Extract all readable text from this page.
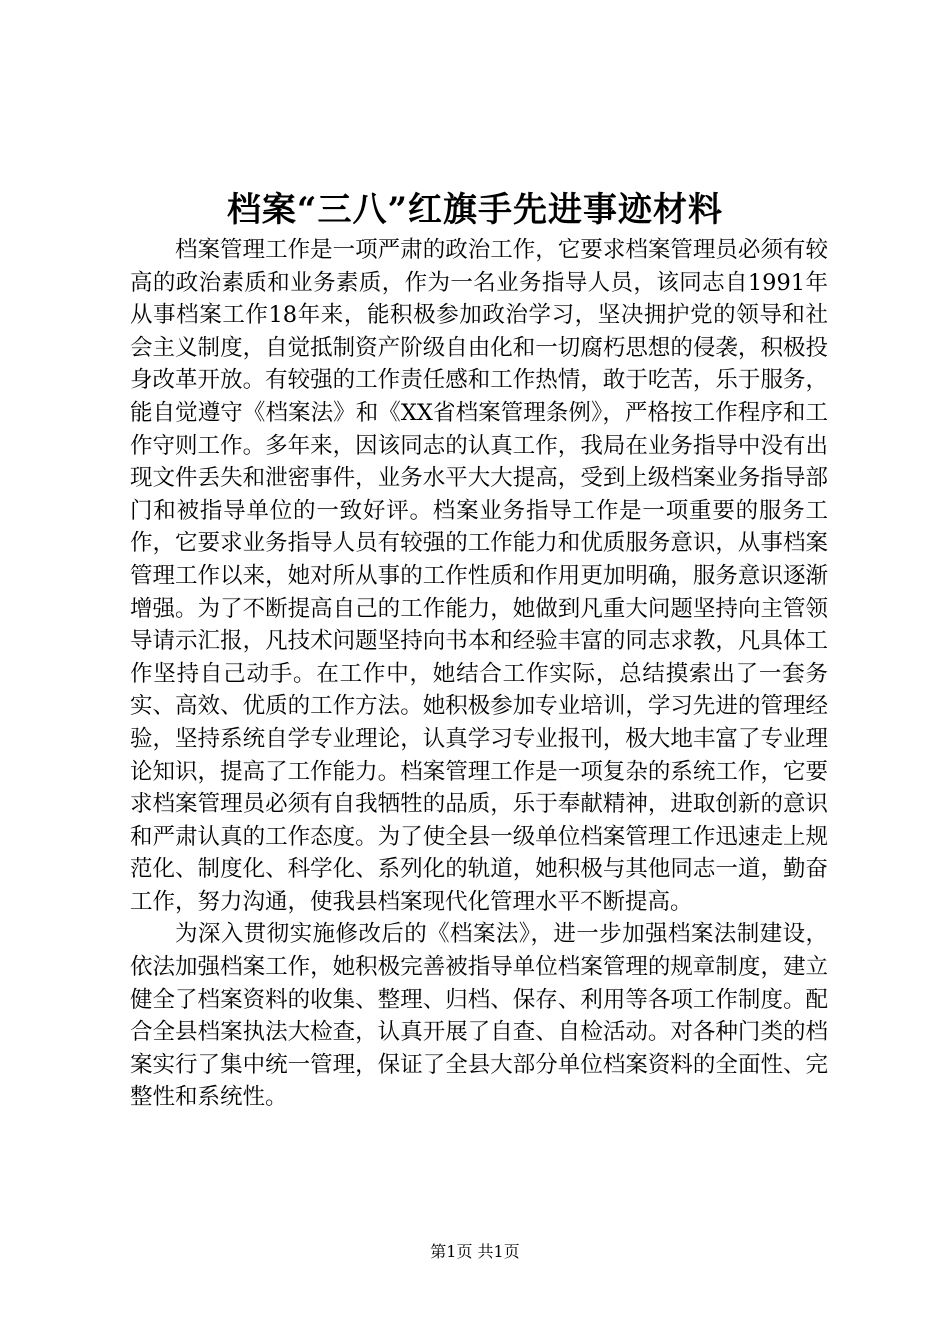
档案“三八”红旗手先进事迹材料

档案管理工作是一项严肃的政治工作，它要求档案管理员必须有较高的政治素质和业务素质，作为一名业务指导人员，该同志自1991年从事档案工作18年来，能积极参加政治学习，坚决拥护党的领导和社会主义制度，自觉抵制资产阶级自由化和一切腐朽思想的侵袭，积极投身改革开放。有较强的工作责任感和工作热情，敢于吃苦，乐于服务，能自觉遵守《档案法》和《XX省档案管理条例》，严格按工作程序和工作守则工作。多年来，因该同志的认真工作，我局在业务指导中没有出现文件丢失和泄密事件，业务水平大大提高，受到上级档案业务指导部门和被指导单位的一致好评。档案业务指导工作是一项重要的服务工作，它要求业务指导人员有较强的工作能力和优质服务意识，从事档案管理工作以来，她对所从事的工作性质和作用更加明确，服务意识逐渐增强。为了不断提高自己的工作能力，她做到凡重大问题坚持向主管领导请示汇报，凡技术问题坚持向书本和经验丰富的同志求教，凡具体工作坚持自己动手。在工作中，她结合工作实际，总结摸索出了一套务实、高效、优质的工作方法。她积极参加专业培训，学习先进的管理经验，坚持系统自学专业理论，认真学习专业报刊，极大地丰富了专业理论知识，提高了工作能力。档案管理工作是一项复杂的系统工作，它要求档案管理员必须有自我牺牲的品质，乐于奉献精神，进取创新的意识和严肃认真的工作态度。为了使全县一级单位档案管理工作迅速走上规范化、制度化、科学化、系列化的轨道，她积极与其他同志一道，勤奋工作，努力沟通，使我县档案现代化管理水平不断提高。

为深入贯彻实施修改后的《档案法》，进一步加强档案法制建设，依法加强档案工作，她积极完善被指导单位档案管理的规章制度，建立健全了档案资料的收集、整理、归档、保存、利用等各项工作制度。配合全县档案执法大检查，认真开展了自查、自检活动。对各种门类的档案实行了集中统一管理，保证了全县大部分单位档案资料的全面性、完整性和系统性。

第1页 共1页
